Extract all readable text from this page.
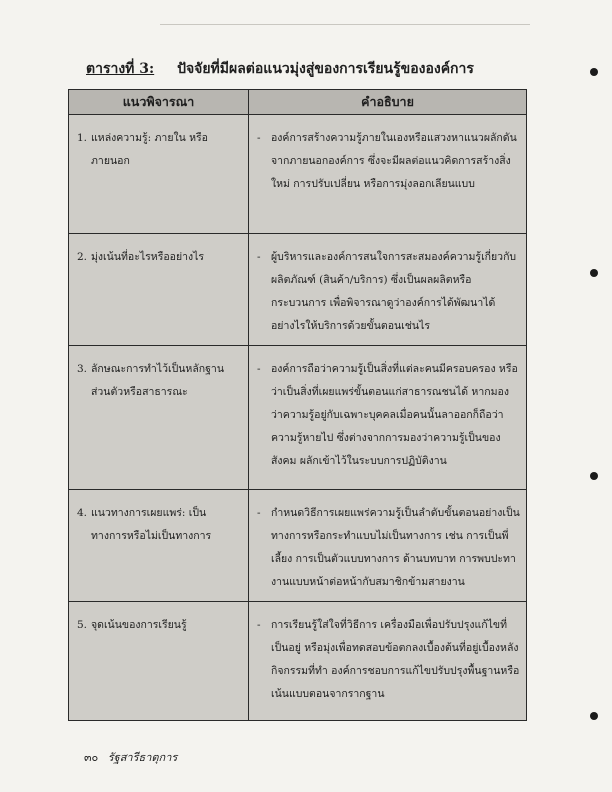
ตารางที่ 3: ปัจจัยที่มีผลต่อแนวมุ่งสู่ของการเรียนรู้ขององค์การ
แนวพิจารณา	คำอธิบาย

1. แหล่งความรู้: ภายใน หรือ ภายนอก	- องค์การสร้างความรู้ภายในเองหรือแสวงหาแนวผลักดันจากภายนอกองค์การ ซึ่งจะมีผลต่อแนวคิดการสร้างสิ่งใหม่ การปรับเปลี่ยน หรือการมุ่งลอกเลียนแบบ

2. มุ่งเน้นที่อะไรหรืออย่างไร	- ผู้บริหารและองค์การสนใจการสะสมองค์ความรู้เกี่ยวกับผลิตภัณฑ์ (สินค้า/บริการ) ซึ่งเป็นผลผลิตหรือกระบวนการ เพื่อพิจารณาดูว่าองค์การได้พัฒนาได้อย่างไรให้บริการด้วยขั้นตอนเช่นไร

3. ลักษณะการทำไว้เป็นหลักฐานส่วนตัวหรือสาธารณะ	- องค์การถือว่าความรู้เป็นสิ่งที่แต่ละคนมีครอบครอง หรือว่าเป็นสิ่งที่เผยแพร่ขั้นตอนแก่สาธารณชนได้ หากมองว่าความรู้อยู่กับเฉพาะบุคคลเมื่อคนนั้นลาออกก็ถือว่าความรู้หายไป ซึ่งต่างจากการมองว่าความรู้เป็นของสังคม ผลักเข้าไว้ในระบบการปฏิบัติงาน

4. แนวทางการเผยแพร่: เป็นทางการหรือไม่เป็นทางการ	- กำหนดวิธีการเผยแพร่ความรู้เป็นลำดับขั้นตอนอย่างเป็นทางการหรือกระทำแบบไม่เป็นทางการ เช่น การเป็นพี่เลี้ยง การเป็นตัวแบบทางการ ด้านบทบาท การพบปะทางานแบบหน้าต่อหน้ากับสมาชิกข้ามสายงาน

5. จุดเน้นของการเรียนรู้	- การเรียนรู้ใส่ใจที่วิธีการ เครื่องมือเพื่อปรับปรุงแก้ไขที่เป็นอยู่ หรือมุ่งเพื่อทดสอบข้อตกลงเบื้องต้นที่อยู่เบื้องหลังกิจกรรมที่ทำ องค์การชอบการแก้ไขปรับปรุงพื้นฐานหรือเน้นแบบตอนจากรากฐาน
๓๐ รัฐสารีธาตุการ
